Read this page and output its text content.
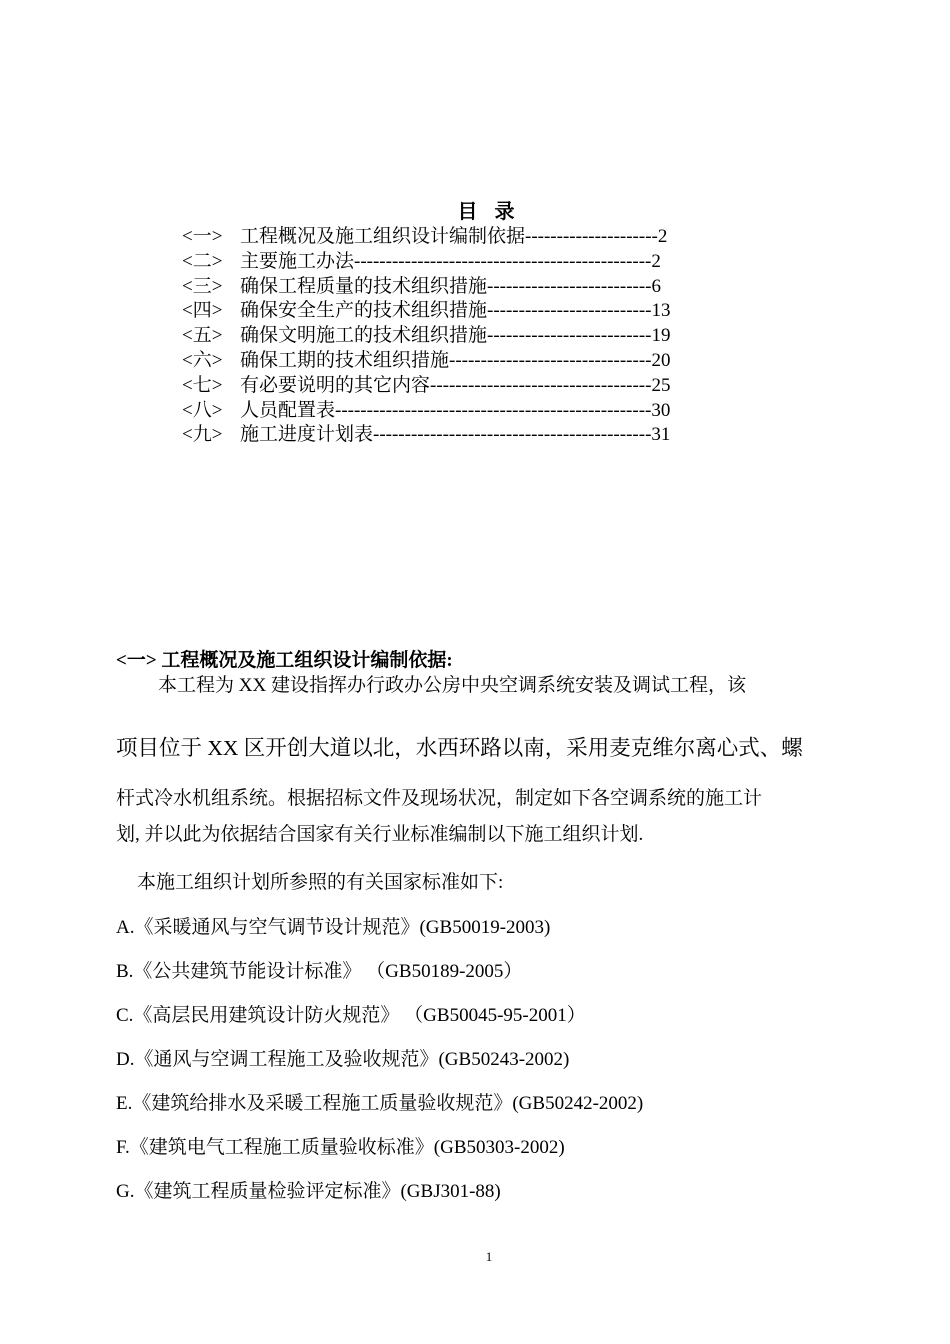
目 录
<一> 工程概况及施工组织设计编制依据---------------------2
<二> 主要施工办法-----------------------------------------------2
<三> 确保工程质量的技术组织措施--------------------------6
<四> 确保安全生产的技术组织措施--------------------------13
<五> 确保文明施工的技术组织措施--------------------------19
<六> 确保工期的技术组织措施--------------------------------20
<七> 有必要说明的其它内容-----------------------------------25
<八> 人员配置表--------------------------------------------------30
<九> 施工进度计划表--------------------------------------------31
<一> 工程概况及施工组织设计编制依据:
本工程为 XX 建设指挥办行政办公房中央空调系统安装及调试工程，该
项目位于 XX 区开创大道以北，水西环路以南，采用麦克维尔离心式、螺
杆式冷水机组系统。根据招标文件及现场状况，制定如下各空调系统的施工计
划, 并以此为依据结合国家有关行业标准编制以下施工组织计划.
本施工组织计划所参照的有关国家标准如下:
A.《采暖通风与空气调节设计规范》(GB50019-2003)
B.《公共建筑节能设计标准》 （GB50189-2005）
C.《高层民用建筑设计防火规范》 （GB50045-95-2001）
D.《通风与空调工程施工及验收规范》(GB50243-2002)
E.《建筑给排水及采暖工程施工质量验收规范》(GB50242-2002)
F.《建筑电气工程施工质量验收标准》(GB50303-2002)
G.《建筑工程质量检验评定标准》(GBJ301-88)
1
